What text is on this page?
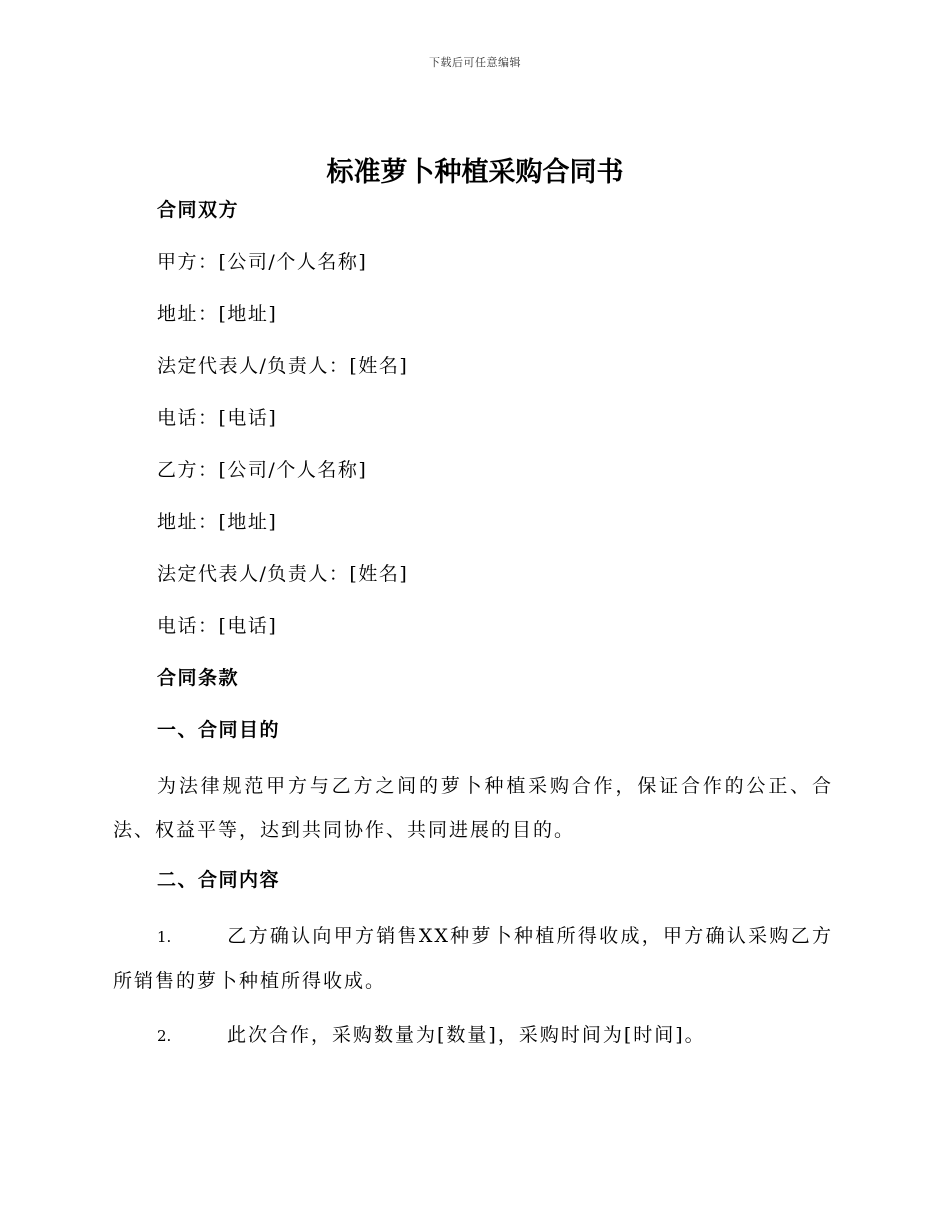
下载后可任意编辑
标准萝卜种植采购合同书

合同双方

甲方：[公司/个人名称]

地址：[地址]

法定代表人/负责人：[姓名]

电话：[电话]

乙方：[公司/个人名称]

地址：[地址]

法定代表人/负责人：[姓名]

电话：[电话]

合同条款

一、合同目的

为法律规范甲方与乙方之间的萝卜种植采购合作，保证合作的公正、合法、权益平等，达到共同协作、共同进展的目的。

二、合同内容

1.	乙方确认向甲方销售XX种萝卜种植所得收成，甲方确认采购乙方所销售的萝卜种植所得收成。

2.	此次合作，采购数量为[数量]，采购时间为[时间]。
